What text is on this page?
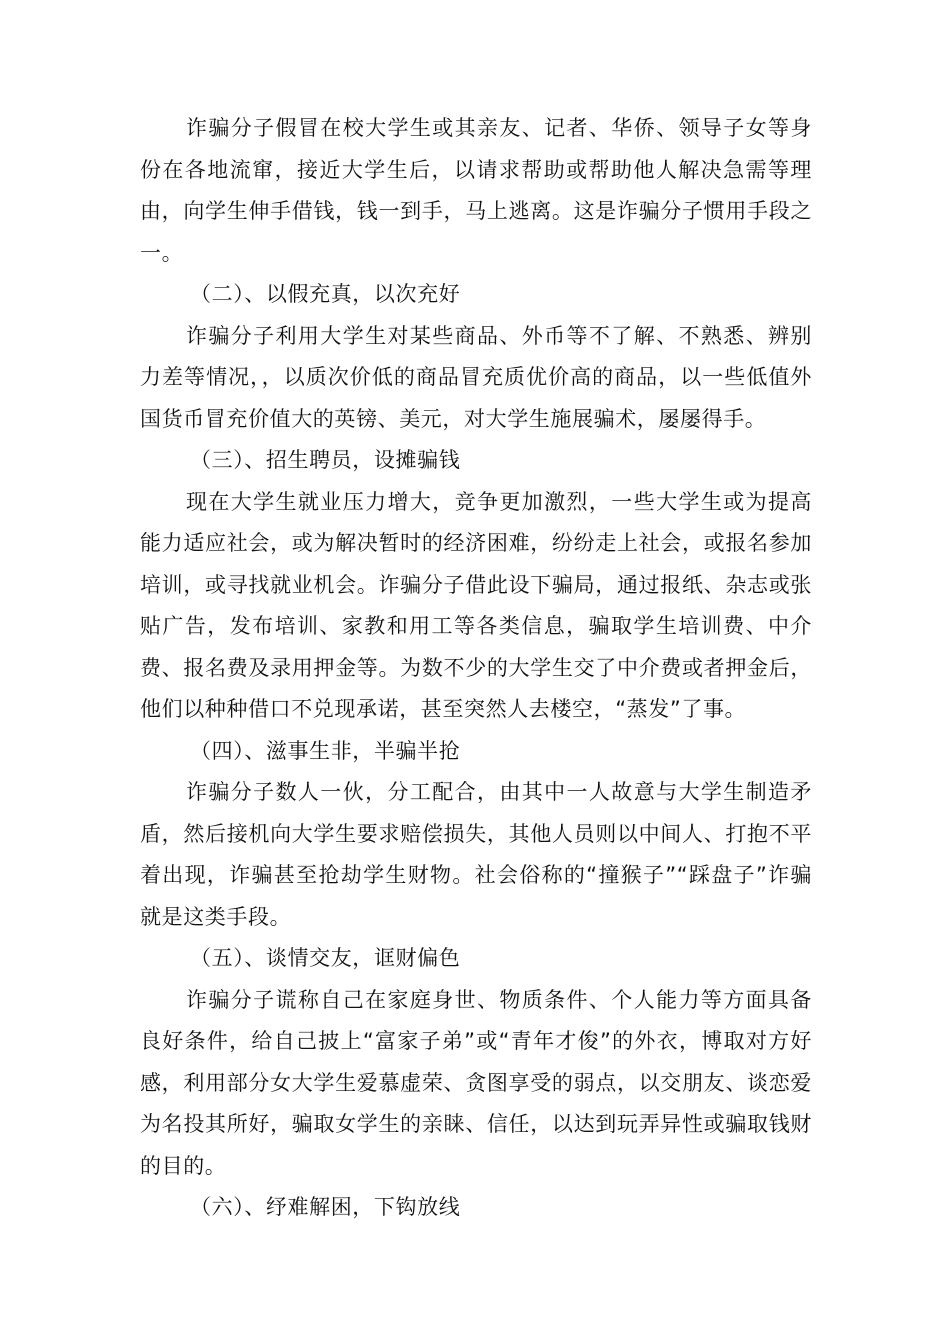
诈骗分子假冒在校大学生或其亲友、记者、华侨、领导子女等身份在各地流窜，接近大学生后，以请求帮助或帮助他人解决急需等理由，向学生伸手借钱，钱一到手，马上逃离。这是诈骗分子惯用手段之一。

（二）、以假充真，以次充好

诈骗分子利用大学生对某些商品、外币等不了解、不熟悉、辨别力差等情况，，以质次价低的商品冒充质优价高的商品，以一些低值外国货币冒充价值大的英镑、美元，对大学生施展骗术，屡屡得手。

（三）、招生聘员，设摊骗钱

现在大学生就业压力增大，竞争更加激烈，一些大学生或为提高能力适应社会，或为解决暂时的经济困难，纷纷走上社会，或报名参加培训，或寻找就业机会。诈骗分子借此设下骗局，通过报纸、杂志或张贴广告，发布培训、家教和用工等各类信息，骗取学生培训费、中介费、报名费及录用押金等。为数不少的大学生交了中介费或者押金后，他们以种种借口不兑现承诺，甚至突然人去楼空，“蒸发”了事。

（四）、滋事生非，半骗半抢

诈骗分子数人一伙，分工配合，由其中一人故意与大学生制造矛盾，然后接机向大学生要求赔偿损失，其他人员则以中间人、打抱不平着出现，诈骗甚至抢劫学生财物。社会俗称的“撞猴子”“踩盘子”诈骗就是这类手段。

（五）、谈情交友，诓财偏色

诈骗分子谎称自己在家庭身世、物质条件、个人能力等方面具备良好条件，给自己披上“富家子弟”或“青年才俊”的外衣，博取对方好感，利用部分女大学生爱慕虚荣、贪图享受的弱点，以交朋友、谈恋爱为名投其所好，骗取女学生的亲睐、信任，以达到玩弄异性或骗取钱财的目的。

（六）、纾难解困，下钩放线
